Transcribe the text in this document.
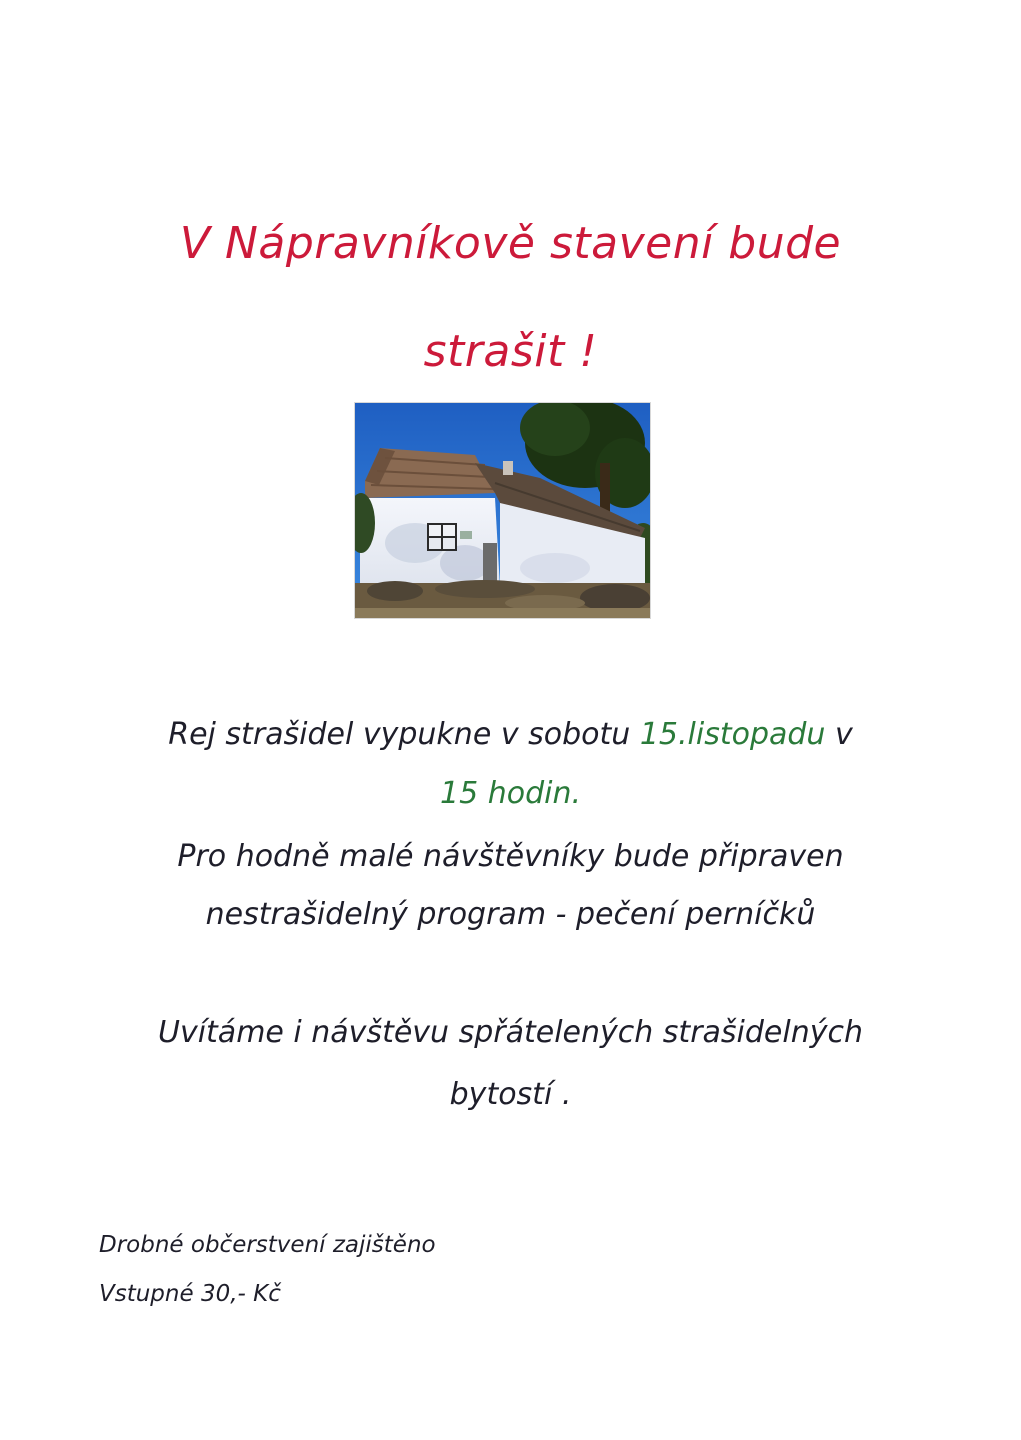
V Nápravníkově stavení bude
strašit !
Rej strašidel vypukne v sobotu 15.listopadu v
15 hodin.
Pro hodně malé návštěvníky bude připraven
nestrašidelný program - pečení perníčků
Uvítáme i návštěvu spřátelených strašidelných
bytostí .
Drobné občerstvení zajištěno
Vstupné 30,- Kč
